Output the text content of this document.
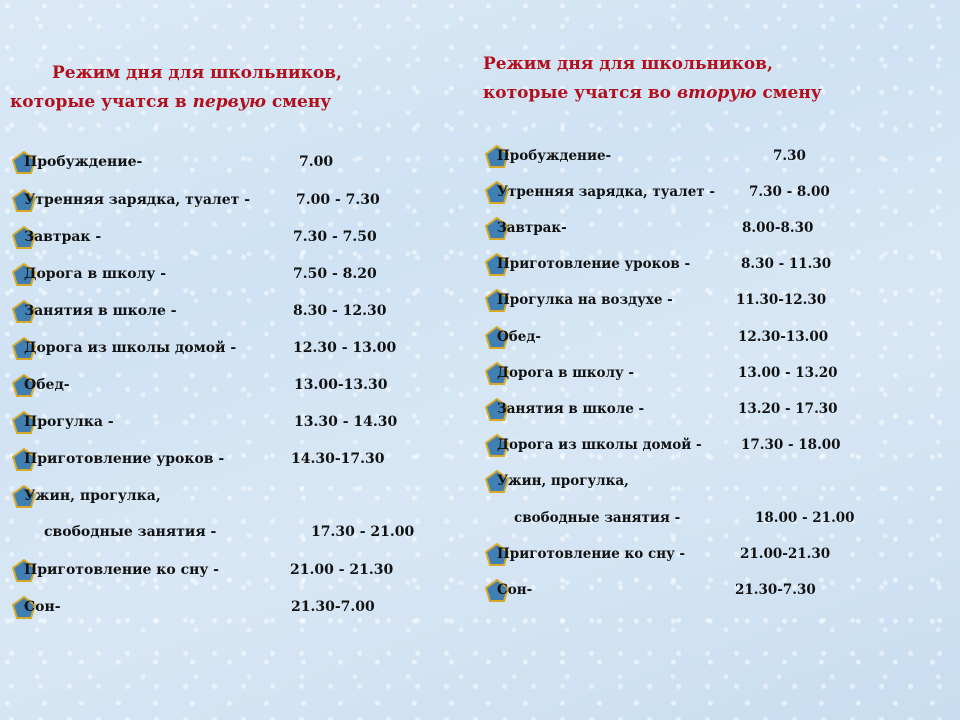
Режим дня для школьников,
которые учатся в первую смену
Пробуждение-	7.00
Утренняя зарядка, туалет -	7.00 - 7.30
Завтрак -	7.30 - 7.50
Дорога в школу -	7.50 - 8.20
Занятия в школе -	8.30 - 12.30
Дорога из школы домой -	12.30 - 13.00
Обед-	13.00-13.30
Прогулка -	13.30 - 14.30
Приготовление уроков -	14.30-17.30
Ужин, прогулка,
свободные занятия -	17.30 - 21.00
Приготовление ко сну -	21.00 - 21.30
Сон-	21.30-7.00
Режим дня для школьников,
которые учатся во вторую смену
Пробуждение-	7.30
Утренняя зарядка, туалет -	7.30 - 8.00
Завтрак-	8.00-8.30
Приготовление уроков -	8.30 - 11.30
Прогулка на воздухе -	11.30-12.30
Обед-	12.30-13.00
Дорога в школу -	13.00 - 13.20
Занятия в школе -	13.20 - 17.30
Дорога из школы домой -	17.30 - 18.00
Ужин, прогулка,
свободные занятия -	18.00 - 21.00
Приготовление ко сну -	21.00-21.30
Сон-	21.30-7.30
